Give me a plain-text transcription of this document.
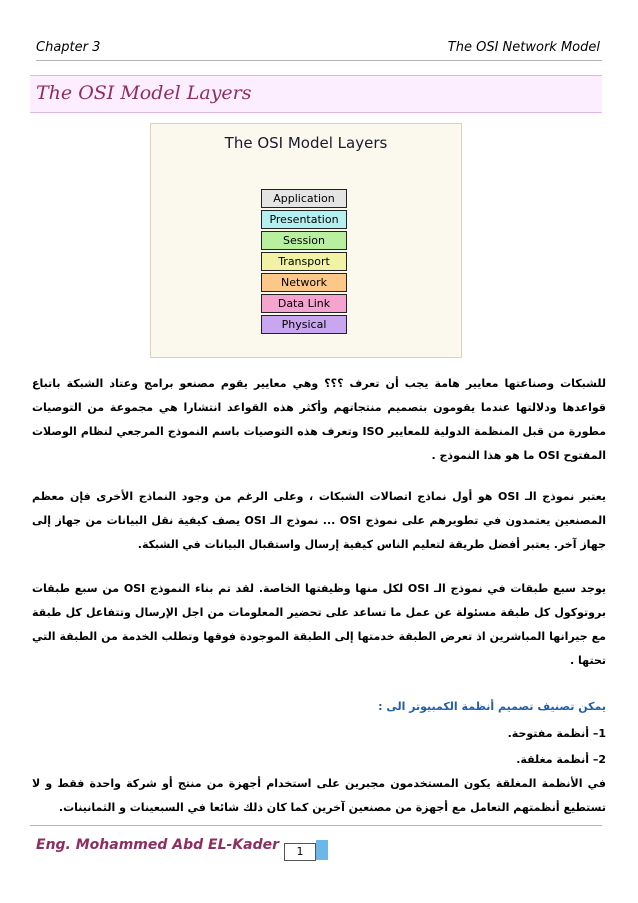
Chapter 3	The OSI Network Model
The OSI Model Layers
The OSI Model Layers
Application
Presentation
Session
Transport
Network
Data Link
Physical

للشبكات وصناعتها معايير هامة يجب أن تعرف ؟؟؟ وهي معايير يقوم مصنعو برامج وعتاد الشبكة باتباع قواعدها ودلالتها عندما يقومون بتصميم منتجاتهم وأكثر هذه القواعد انتشارا هي مجموعة من التوصيات مطورة من قبل المنظمة الدولية للمعايير ISO وتعرف هذه التوصيات باسم النموذج المرجعي لنظام الوصلات المفتوح OSI ما هو هذا النموذج .

يعتبر نموذج الـ OSI هو أول نماذج اتصالات الشبكات ، وعلى الرغم من وجود النماذج الأخرى فإن معظم المصنعين يعتمدون في تطويرهم على نموذج OSI ... نموذج الـ OSI يصف كيفية نقل البيانات من جهاز إلى جهاز آخر. يعتبر أفضل طريقة لتعليم الناس كيفية إرسال واستقبال البيانات في الشبكة.

يوجد سبع طبقات في نموذج الـ OSI لكل منها وظيفتها الخاصة. لقد تم بناء النموذج OSI من سبع طبقات بروتوكول كل طبقة مسئولة عن عمل ما تساعد على تحضير المعلومات من اجل الإرسال وتتفاعل كل طبقة مع جيرانها المباشرين اذ تعرض الطبقة خدمتها إلى الطبقة الموجودة فوقها وتطلب الخدمة من الطبقة التي تحتها .

يمكن تصنيف تصميم أنظمة الكمبيوتر الى :
1– أنظمة مفتوحة.
2– أنظمة مغلقة.

في الأنظمة المغلقة يكون المستخدمون مجبرين على استخدام أجهزة من منتج أو شركة واحدة فقط و لا تستطيع أنظمتهم التعامل مع أجهزة من مصنعين آخرين كما كان ذلك شائعا في السبعينات و الثمانينات.

Eng. Mohammed Abd EL-Kader	1
